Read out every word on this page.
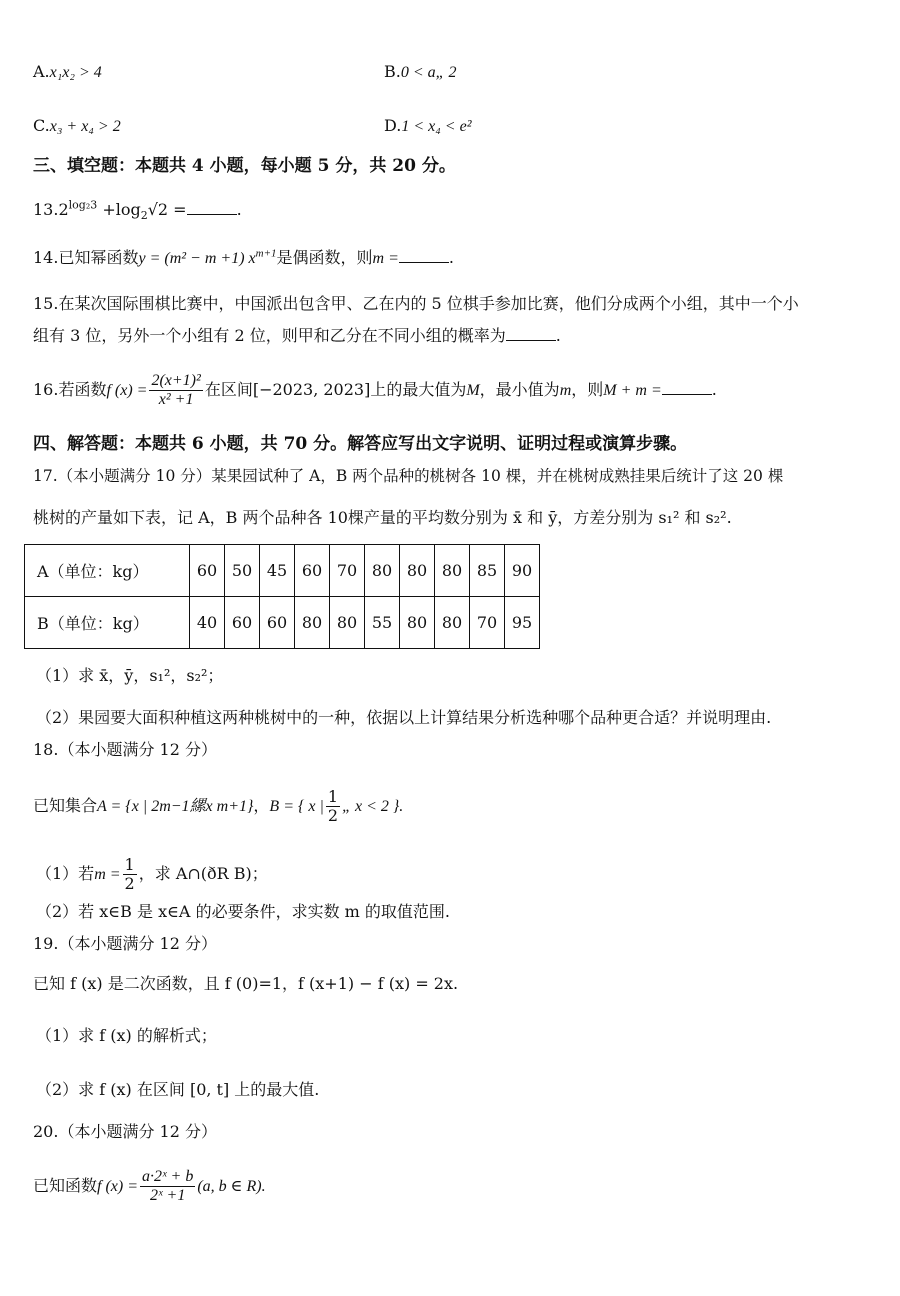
A.x₁x₂ > 4	B.0 < a„ 2
C.x₃ + x₄ > 2	D.1 < x₄ < e²
三、填空题：本题共 4 小题，每小题 5 分，共 20 分。
$13.2^{log_23} +\log_2√2$ =	.
14.已知幂函数y = (m² − m +1) $x^{m+1}$是偶函数，则m =	.
15.在某次国际围棋比赛中，中国派出包含甲、乙在内的 5 位棋手参加比赛，他们分成两个小组，其中一个小
组有 3 位，另外一个小组有 2 位，则甲和乙分在不同小组的概率为	.
16.若函数f $(x) = \frac{\text{2(x+1)²}}{\text{x² +1}}$ 在区间[−2023, 2023]上的最大值为M，最小值为m，则M + m =	.
四、解答题：本题共 6 小题，共 70 分。解答应写出文字说明、证明过程或演算步骤。
17.（本小题满分 10 分）某果园试种了 A，B 两个品种的桃树各 10 棵，并在桃树成熟挂果后统计了这 20 棵
桃树的产量如下表，记 A，B 两个品种各 10棵产量的平均数分别为 x̄ 和 ȳ，方差分别为 s₁² 和 s₂².
A（单位：kg）	60	50	45	60	70	80	80	80	85	90
B（单位：kg）	40	60	60	80	80	55	80	80	70	95
（1）求 x̄，ȳ，s₁²，s₂²；
（2）果园要大面积种植这两种桃树中的一种，依据以上计算结果分析选种哪个品种更合适？并说明理由.
18.（本小题满分 12 分）
已知集合A = {x | 2m−1縲x m+1}，B = { x | $\frac{1}{2}$ „ x < 2 }.
（1）若$m = \frac{1}{2}$ ，求 A∩(ðR B)；
（2）若 x∈B 是 x∈A 的必要条件，求实数 m 的取值范围.
19.（本小题满分 12 分）
已知 f (x) 是二次函数，且 f (0)=1，f (x+1) − f (x) = 2x.
（1）求 f (x) 的解析式；
（2）求 f (x) 在区间 [0, t] 上的最大值.
20.（本小题满分 12 分）
已知函数f $(x) = \frac{\text{a·2ˣ + b}}{\text{2ˣ +1}} (a$, b ∈ R).
